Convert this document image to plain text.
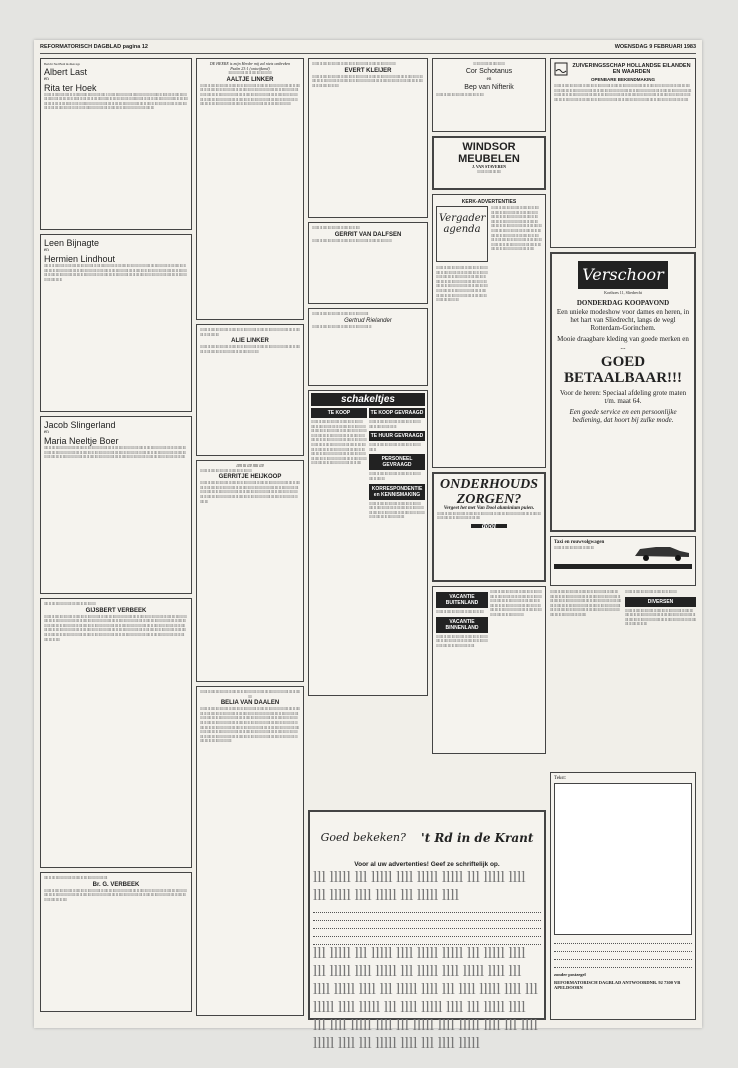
REFORMATORISCH DAGBLAD pagina 12	WOENSDAG 9 FEBRUARI 1983
Bericht Ned Budt molhen nge
Albert Last
en
Rita ter Hoek
lll lllll lll llllll lllll lllll lll lll llllll lllllll llllll llll llll lllll ll lll lllll llllll lll llll lllll llllll lllll lll llll lll lllllll lll llllll llll lll lllll lllll lll llll lllllll lllll llll llll llll lll lllllll lll llll llll lll llll llllll lllllll lll llll llll lllll llll lll lllllll llllll lll llll lll lllll llllll lll lll lllllll lll llll lllll llll llll lll llll lll llll lllllll lll llll lll lllllll llll lll llll llll lllll llll lll llll llll lllll lll llll llllll llll lll lllll lll llll lllll llll lll lllll lll lllll lllll llll lll llll llll lllll lllll llll lll llll lll llll lllllll llll lll lllll llll lll lllll llll lll lllll llll lll llll lll lllll lllll llll
Leen Bijnagte
en
Hermien Lindhout
lllll lll lll llllll lllll lll llll lllll llll llll lllll lllll lll llll llllll llll lllll lll llll lllll llll lllll llll lll llll lllll llll lllll llll lllll lll llll lllll llll lll lllll llll lll lllll llll llll lllll llll lll lllll llll lllll llll lll llll lllll lll llll lllll llll lllll llll lll lllll llll lll llll llll lll llll lllll lllll llll lll lllll llll llll lll lllll llll lllll llll lllll llll llll lll lllll llll lllll lll llll lllll llll lll lllll llll lllll llll lll llll lllll llll lll lllll llll lll llll lllll llll lll lllll llll lll llll lllll llll lll
Jacob Slingerland
en
Maria Neeltje Boer
lllll lll llll lllll llll lll llll lllll llll lllll lll llll lllll llll lll lllll llll lll llll lllll llll lll lllll llll lllll lll llll lllll llll lll lllll llll lll llll lllll llll lll lllll llll lllll llll lll llll lllll llll lll lllll llll lll llll lllll llll lll lllll llll lllll lll llll lllll llll lll lllll llll lll llll lllll llll lll lllll llll lllll llll lll llll lllll llll lll lllll llll lll llll lllll llll lll lllll llll lllll lll llll lllll llll lll lllll llll lll llll lllll llll lll lllll llll lllll lll llll lllll llll lll lllll
lllll lll llll lllll llll lll lllll llll lllll lll llll lllll llll
GIJSBERT VERBEEK
lll lllll lll lllll llll lllll lllll lll lllll llll lll lllll llll lllll lll lllll llll lllll llll lll llll lllll llll lll lllll llll lll llll lllll llll lll lllll llll lllll lll llll lllll llll lll lllll llll lll llll lllll llll lll lllll llll lllll llll lll llll lllll llll lll lllll llll lll llll lllll llll lll lllll llll lllll lll llll lllll llll lll lllll llll lll llll lllll llll lll lllll llll lllll lll llll lllll llll lll lllll llll lll llll lllll llll lll lllll llll lllll lll llll lllll llll lll lllll llll lll llll lllll llll lll lllll llll lllll lll llll lllll llll lll lllll llll lll llll lllll llll lll lllll llll lllll llll lll llll lllll llll lll lllll llll lll llll lllll llll lll lllll llll lllll lll llll lllll llll lll lllll llll lll llll lllll llll lll lllll llll lllll lll llll lllll llll lll lllll llll lll llll lllll llll lll lllll llll lllll lll llll lllll llll lll lllll llll lll llll lllll llll lll lllll
lllll lll llll lllll llll lll lllll llll lllll lll llll lllll llll lll lllll llll
Br. G. VERBEEK
lll lllll lll lllll llll lllll lllll lll lllll llll lll lllll llll lllll lll lllll llll lllll llll lll llll lllll llll lll lllll llll lll llll lllll llll lll lllll llll lllll lll llll lllll llll lll lllll llll lll llll lllll llll lll lllll llll lllll llll lll llll lllll llll lll lllll llll lll llll lllll llll lll lllll llll lllll lll llll lllll llll lll lllll llll lll llll lllll llll lll lllll
DE HEERE is mijn Herder mij zal niets ontbreken
Psalm 23:1 (ontwijkend)
lllll lll llll lllll llll lll lllll llll lllll lll llll
AALTJE LINKER
lll lllll lll lllll llll lllll lllll lll lllll llll lll lllll llll lllll lll lllll llll lllll llll lll llll lllll llll lll lllll llll lll llll lllll llll lll lllll llll lllll lll llll lllll llll lll lllll llll lll llll lllll llll lll lllll llll lllll llll lll llll lllll llll lll lllll llll lll llll lllll llll lll lllll llll lllll lll llll lllll llll lll lllll llll lll llll lllll llll lll lllll llll lllll lll llll lllll llll lll lllll llll lll llll lllll llll lll lllll llll lllll lll llll lllll llll lll lllll llll lll llll lllll llll lll lllll llll lllll lll llll lllll llll lll lllll llll lll llll lllll llll lll lllll
lll lllll lll lllll llll lllll lllll lll lllll llll lll lllll llll lllll lll lllll llll lllll llll lll llll lllll llll lll lllll llll lll llll lllll llll
ALIE LINKER
lll lllll lll lllll llll lllll lllll lll lllll llll lll lllll llll lllll lll lllll llll lllll llll lll llll lllll llll lll lllll llll lll llll lllll llll lll lllll llll lllll lll llll lllll llll lll lllll
lllll lll llll lllll llll
lll lllll lll lllll llll lllll lllll lll lllll llll lll lllll llll
GERRITJE HEIJKOOP
lll lllll lll lllll llll lllll lllll lll lllll llll lll lllll llll lllll lll lllll llll lllll llll lll llll lllll llll lll lllll llll lll llll lllll llll lll lllll llll lllll lll llll lllll llll lll lllll llll lll llll lllll llll lll lllll llll lllll llll lll llll lllll llll lll lllll llll lll llll lllll llll lll lllll llll lllll lll llll lllll llll lll lllll llll lll llll lllll llll lll lllll llll lllll lll llll lllll llll lll lllll llll lll llll lllll llll lll lllll llll lllll lll llll lllll llll lll lllll llll
lll lllll lll lllll llll lllll lllll lll lllll llll lll lllll llll lllll lll lllll llll lllll llll lll llll lllll llll lll lllll llll
BELIA VAN DAALEN
lll lllll lll lllll llll lllll lllll lll lllll llll lll lllll llll lllll lll lllll llll lllll llll lll llll lllll llll lll lllll llll lll llll lllll llll lll lllll llll lllll lll llll lllll llll lll lllll llll lll llll lllll llll lll lllll llll lllll llll lll llll lllll llll lll lllll llll lll llll lllll llll lll lllll llll lllll lll llll lllll llll lll lllll llll lll llll lllll llll lll lllll llll lllll lll llll lllll llll lll lllll llll lll llll lllll llll lll lllll llll lllll lll llll lllll llll lll lllll llll lll llll lllll llll lll lllll llll lllll lll llll lllll llll lll lllll llll lll llll lllll llll lll lllll llll lllll lll llll lllll llll lll lllll llll lll llll lllll llll lll lllll llll lllll lll llll lllll llll lll lllll llll lll llll lllll llll lll lllll llll lllll lll llll lllll llll lll lllll llll lll llll lllll llll lll lllll llll lllll lll llll lllll llll lll lllll llll lll llll lllll llll lll lllll
lll lllll lll lllll llll lllll lllll lll lllll llll lll lllll llll lllll lll lllll llll lllll llll lll llll
EVERT KLEIJER
lll lllll lll lllll llll lllll lllll lll lllll llll lll lllll llll lllll lll lllll llll lllll llll lll llll lllll llll lll lllll llll lll llll lllll llll lll lllll llll lllll lll llll lllll llll lll lllll llll lll llll lllll llll lll lllll llll lllll llll lll llll lllll llll lll lllll llll lll llll lllll llll lll lllll
lll lllll lll lllll llll lllll lllll lll lllll llll lll lllll
GERRIT VAN DALFSEN
lll lllll lll lllll llll lllll lllll lll lllll llll lll lllll llll lllll lll lllll llll lllll llll lll
lll lllll lll lllll llll lllll lllll lll lllll llll lll lllll llll lllll
Gertrud Rielander
lll lllll lll lllll llll lllll lllll lll lllll llll lll lllll llll lllll lll
schakeltjes
TE KOOP
lll lllll lll lllll llll lllll lllll lll lllll llll lll lllll llll lllll lll lllll llll lllll llll lll llll lllll llll lll lllll llll lll llll lllll llll lll lllll llll lllll lll llll lllll llll lll lllll llll lll llll lllll llll lll lllll llll lllll llll lll llll lllll llll lll lllll llll lll llll lllll llll lll lllll llll lllll lll llll lllll llll lll lllll llll lll llll lllll llll lll lllll llll lllll lll llll lllll llll lll lllll llll lll llll lllll llll lll lllll llll lllll lll llll lllll llll lll lllll llll lll llll lllll llll lll lllll llll lllll lll llll lllll llll lll lllll llll lll llll lllll llll lll lllll llll lllll lll llll lllll llll lll lllll llll lll llll lllll llll lll lllll
TE KOOP GEVRAAGD
lll lllll lll lllll llll lllll lllll lll lllll llll lll lllll llll lllll lll lllll llll lllll llll lll
TE HUUR GEVRAAGD
lll lllll lll lllll llll lllll lllll lll lllll llll lll lllll llll lllll lll
PERSONEEL GEVRAAGD
lll lllll lll lllll llll lllll lllll lll lllll llll lll lllll llll lllll lll lllll llll
KORRESPONDENTIE en KENNISMAKING
lll lllll lll lllll llll lllll lllll lll lllll llll lll lllll llll lllll lll lllll llll lllll llll lll llll lllll llll lll lllll llll lll llll lllll llll lll lllll llll lllll lll llll lllll llll lll lllll llll lll llll lllll llll lll lllll llll lllll llll
lll lllll lll lllll llll lllll lllll lll
Cor Schotanus
en
Bep van Nifterik
lll lllll lll lllll llll lllll lllll lll lllll llll lll lllll
WINDSOR MEUBELEN
J. VAN STAVEREN
lll lllll lll lllll llll lllll
KERK-ADVERTENTIES
Vergader agenda
lll lllll lll lllll llll lllll lllll lll lllll llll lll lllll llll lllll lll lllll llll lllll llll lll llll lllll llll lll lllll llll lll llll lllll llll lll lllll llll lllll lll llll lllll llll lll lllll llll lll llll lllll llll lll lllll llll lllll llll lll llll lllll llll lll lllll llll lll llll lllll llll lll lllll llll lllll lll llll lllll llll lll lllll llll lll llll lllll llll lll lllll llll lllll lll llll lllll llll lll lllll llll lll llll lllll llll lll lllll llll lllll lll llll
lll lllll lll lllll llll lllll lllll lll lllll llll lll lllll llll lllll lll lllll llll lllll llll lll llll lllll llll lll lllll llll lll llll lllll llll lll lllll llll lllll lll llll lllll llll lll lllll llll lll llll lllll llll lll lllll llll lllll llll lll llll lllll llll lll lllll llll lll llll lllll llll lll lllll llll lllll lll llll lllll llll lll lllll llll lll llll lllll llll lll lllll llll lllll lll llll lllll llll lll lllll llll lll llll lllll llll lll lllll llll lllll lll llll lllll llll lll lllll llll lll llll lllll llll lll lllll llll lllll lll llll lllll llll lll lllll llll lll llll lllll llll lll lllll
ONDERHOUDS ZORGEN?
Vergeet het met Van Dool aluminium puien.
lll lllll lll lllll llll lllll lllll lll lllll llll lll lllll llll lllll lll lllll llll lllll llll lll llll lllll llll lll lllll llll lll llll lllll llll lll lllll llll lllll lll llll lllll
dool
VACANTIE BUITENLAND
lll lllll lll lllll llll lllll lllll lll lllll llll lll lllll
VACANTIE BINNENLAND
lll lllll lll lllll llll lllll lllll lll lllll llll lll lllll llll lllll lll lllll llll lllll llll lll llll lllll llll lll lllll llll lll llll lllll llll lll lllll llll lllll lll llll
lll lllll lll lllll llll lllll lllll lll lllll llll lll lllll llll lllll lll lllll llll lllll llll lll llll lllll llll lll lllll llll lll llll lllll llll lll lllll llll lllll lll llll lllll llll lll lllll llll lll llll lllll llll lll lllll llll lllll llll lll llll lllll llll lll lllll llll lll llll lllll llll lll lllll llll lllll lll llll lllll llll lll lllll llll lll llll
ZUIVERINGSSCHAP HOLLANDSE EILANDEN EN WAARDEN
OPENBARE BEKENDMAKING
lll lllll lll lllll llll lllll lllll lll lllll llll lll lllll llll lllll lll lllll llll lllll llll lll llll lllll llll lll lllll llll lll llll lllll llll lll lllll llll lllll lll llll lllll llll lll lllll llll lll llll lllll llll lll lllll llll lllll llll lll llll lllll llll lll lllll llll lll llll lllll llll lll lllll llll lllll lll llll lllll llll lll lllll llll lll llll lllll llll lll lllll llll lllll lll llll lllll llll lll lllll llll lll llll lllll llll lll lllll llll lllll lll llll lllll llll lll lllll llll lll llll lllll llll lll lllll llll lllll lll llll lllll llll lll lllll llll lll llll lllll llll lll lllll llll lllll lll llll lllll llll lll lllll llll lll llll lllll llll lll lllll
Verschoor
Korthoes 11, Sliedrecht
DONDERDAG KOOPAVOND
Een unieke modeshow voor dames en heren, in het hart van Sliedrecht, langs de wegl Rotterdam-Gorinchem.
Mooie draagbare kleding van goede merken en ...
GOED BETAALBAAR!!!
Voor de heren: Speciaal afdeling grote maten t/m. maat 64.
Een goede service en een persoonlijke bediening, dat hoort bij zulke mode.
Taxi en rouwvolgwagen
lll lllll lll lllll llll lllll lllll lll lllll llll
lll lllll lll lllll llll lllll lllll lll lllll llll lll lllll llll lllll lll lllll llll lllll llll lll llll lllll llll lll lllll llll lll llll lllll llll lll lllll llll lllll lll llll lllll llll lll lllll llll lll llll lllll llll lll lllll llll lllll llll lll llll lllll llll lll lllll llll lll llll lllll llll lll lllll llll lllll lll llll lllll llll lll lllll llll lll llll lllll llll lll lllll llll lllll lll llll lllll llll lll lllll llll lll llll lllll llll lll lllll llll lllll lll llll lllll
lll lllll lll lllll llll lllll lllll lll lllll llll lll lllll llll
DIVERSEN
lll lllll lll lllll llll lllll lllll lll lllll llll lll lllll llll lllll lll lllll llll lllll llll lll llll lllll llll lll lllll llll lll llll lllll llll lll lllll llll lllll lll llll lllll llll lll lllll llll lll llll lllll llll lll lllll llll lllll llll lll llll lllll llll lll lllll llll lll llll
Goed bekeken? 't Rd in de Krant
Voor al uw advertenties! Geef ze schriftelijk op.
lll lllll lll lllll llll lllll lllll lll lllll llll lll lllll llll lllll lll lllll llll
lll lllll lll lllll llll lllll lllll lll lllll llll lll lllll llll lllll lll lllll llll lllll llll lll llll lllll llll lll lllll llll lll llll lllll llll lll lllll llll lllll lll llll lllll llll lll lllll llll lll llll lllll llll lll lllll llll lllll llll lll llll lllll llll lll lllll llll lll llll lllll
Tekst:
zonder postzegel
REFORMATORISCH DAGBLAD ANTWOORDNR. 92 7300 VB APELDOORN
